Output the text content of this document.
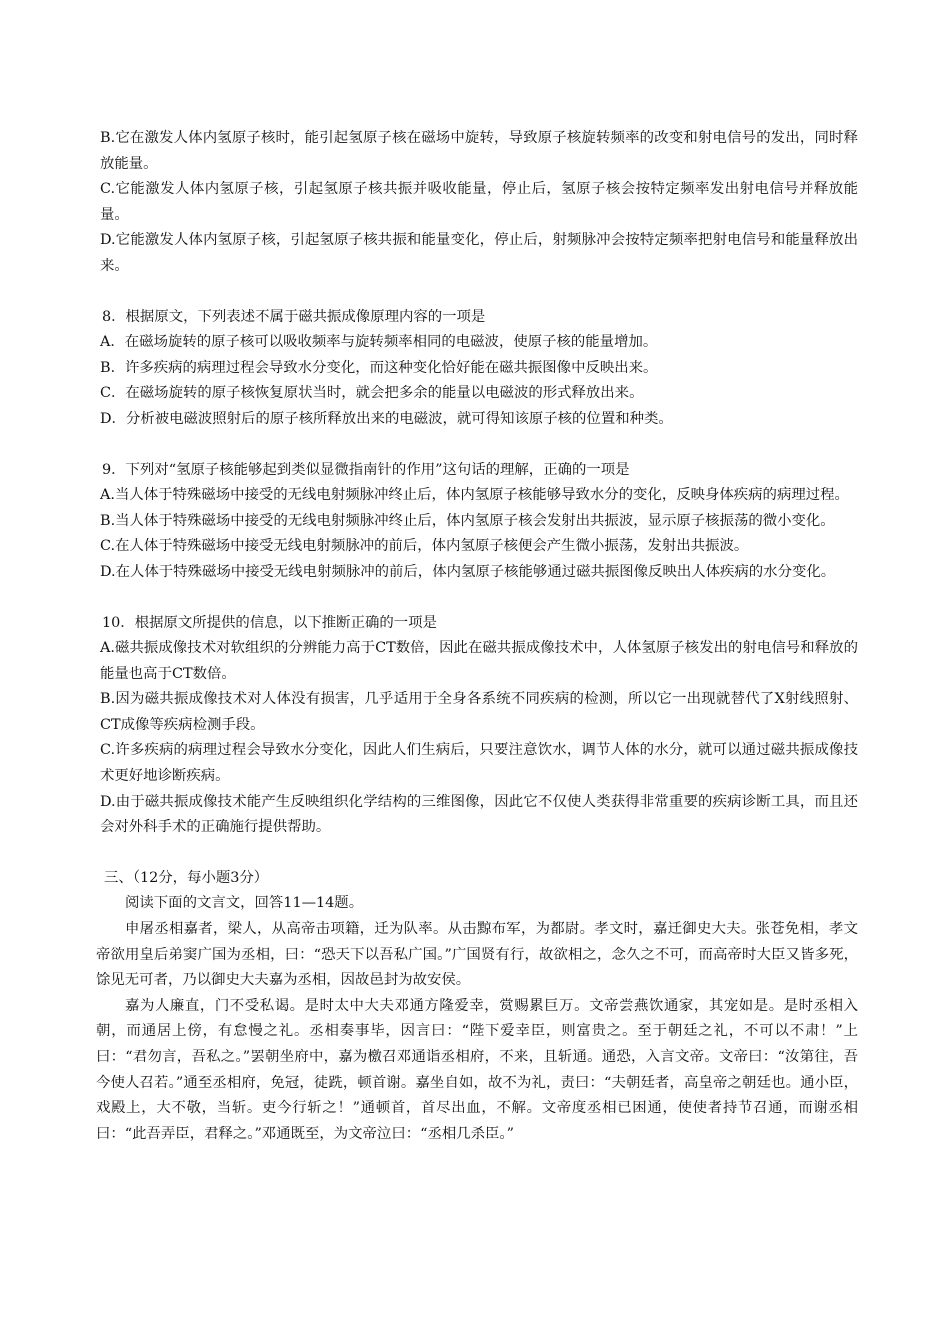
B.它在激发人体内氢原子核时，能引起氢原子核在磁场中旋转，导致原子核旋转频率的改变和射电信号的发出，同时释放能量。

C.它能激发人体内氢原子核，引起氢原子核共振并吸收能量，停止后，氢原子核会按特定频率发出射电信号并释放能量。

D.它能激发人体内氢原子核，引起氢原子核共振和能量变化，停止后，射频脉冲会按特定频率把射电信号和能量释放出来。

8．根据原文，下列表述不属于磁共振成像原理内容的一项是

A．在磁场旋转的原子核可以吸收频率与旋转频率相同的电磁波，使原子核的能量增加。

B．许多疾病的病理过程会导致水分变化，而这种变化恰好能在磁共振图像中反映出来。

C．在磁场旋转的原子核恢复原状当时，就会把多余的能量以电磁波的形式释放出来。

D．分析被电磁波照射后的原子核所释放出来的电磁波，就可得知该原子核的位置和种类。

9．下列对“氢原子核能够起到类似显微指南针的作用”这句话的理解，正确的一项是

A.当人体于特殊磁场中接受的无线电射频脉冲终止后，体内氢原子核能够导致水分的变化，反映身体疾病的病理过程。

B.当人体于特殊磁场中接受的无线电射频脉冲终止后，体内氢原子核会发射出共振波，显示原子核振荡的微小变化。

C.在人体于特殊磁场中接受无线电射频脉冲的前后，体内氢原子核便会产生微小振荡，发射出共振波。

D.在人体于特殊磁场中接受无线电射频脉冲的前后，体内氢原子核能够通过磁共振图像反映出人体疾病的水分变化。

10．根据原文所提供的信息，以下推断正确的一项是

A.磁共振成像技术对软组织的分辨能力高于CT数倍，因此在磁共振成像技术中，人体氢原子核发出的射电信号和释放的能量也高于CT数倍。

B.因为磁共振成像技术对人体没有损害，几乎适用于全身各系统不同疾病的检测，所以它一出现就替代了X射线照射、CT成像等疾病检测手段。

C.许多疾病的病理过程会导致水分变化，因此人们生病后，只要注意饮水，调节人体的水分，就可以通过磁共振成像技术更好地诊断疾病。

D.由于磁共振成像技术能产生反映组织化学结构的三维图像，因此它不仅使人类获得非常重要的疾病诊断工具，而且还会对外科手术的正确施行提供帮助。

三、（12分，每小题3分）

阅读下面的文言文，回答11—14题。

申屠丞相嘉者，梁人，从高帝击项籍，迁为队率。从击黥布军，为都尉。孝文时，嘉迁御史大夫。张苍免相，孝文帝欲用皇后弟窦广国为丞相，曰：“恐天下以吾私广国。”广国贤有行，故欲相之，念久之不可，而高帝时大臣又皆多死，馀见无可者，乃以御史大夫嘉为丞相，因故邑封为故安侯。

嘉为人廉直，门不受私谒。是时太中大夫邓通方隆爱幸，赏赐累巨万。文帝尝燕饮通家，其宠如是。是时丞相入朝，而通居上傍，有怠慢之礼。丞相奏事毕，因言曰：“陛下爱幸臣，则富贵之。至于朝廷之礼，不可以不肃！”上曰：“君勿言，吾私之。”罢朝坐府中，嘉为檄召邓通诣丞相府，不来，且斩通。通恐，入言文帝。文帝曰：“汝第往，吾今使人召若。”通至丞相府，免冠，徒跣，顿首谢。嘉坐自如，故不为礼，责曰：“夫朝廷者，高皇帝之朝廷也。通小臣，戏殿上，大不敬，当斩。吏今行斩之！”通顿首，首尽出血，不解。文帝度丞相已困通，使使者持节召通，而谢丞相曰：“此吾弄臣，君释之。”邓通既至，为文帝泣曰：“丞相几杀臣。”
